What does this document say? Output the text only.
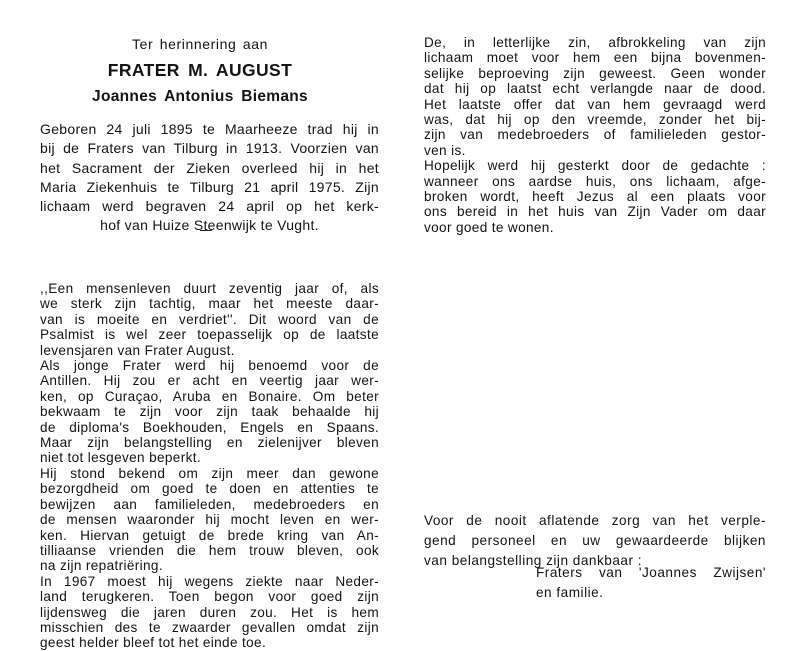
Ter herinnering aan
FRATER M. AUGUST
Joannes Antonius Biemans
Geboren 24 juli 1895 te Maarheeze trad hij in
bij de Fraters van Tilburg in 1913. Voorzien van
het Sacrament der Zieken overleed hij in het
Maria Ziekenhuis te Tilburg 21 april 1975. Zijn
lichaam werd begraven 24 april op het kerk-
hof van Huize Steenwijk te Vught.
,,Een mensenleven duurt zeventig jaar of, als
we sterk zijn tachtig, maar het meeste daar-
van is moeite en verdriet''. Dit woord van de
Psalmist is wel zeer toepasselijk op de laatste
levensjaren van Frater August.
Als jonge Frater werd hij benoemd voor de
Antillen. Hij zou er acht en veertig jaar wer-
ken, op Curaçao, Aruba en Bonaire. Om beter
bekwaam te zijn voor zijn taak behaalde hij
de diploma's Boekhouden, Engels en Spaans.
Maar zijn belangstelling en zielenijver bleven
niet tot lesgeven beperkt.
Hij stond bekend om zijn meer dan gewone
bezorgdheid om goed te doen en attenties te
bewijzen aan familieleden, medebroeders en
de mensen waaronder hij mocht leven en wer-
ken. Hiervan getuigt de brede kring van An-
tilliaanse vrienden die hem trouw bleven, ook
na zijn repatriëring.
In 1967 moest hij wegens ziekte naar Neder-
land terugkeren. Toen begon voor goed zijn
lijdensweg die jaren duren zou. Het is hem
misschien des te zwaarder gevallen omdat zijn
geest helder bleef tot het einde toe.
De, in letterlijke zin, afbrokkeling van zijn
lichaam moet voor hem een bijna bovenmen-
selijke beproeving zijn geweest. Geen wonder
dat hij op laatst echt verlangde naar de dood.
Het laatste offer dat van hem gevraagd werd
was, dat hij op den vreemde, zonder het bij-
zijn van medebroeders of familieleden gestor-
ven is.
Hopelijk werd hij gesterkt door de gedachte :
wanneer ons aardse huis, ons lichaam, afge-
broken wordt, heeft Jezus al een plaats voor
ons bereid in het huis van Zijn Vader om daar
voor goed te wonen.
Voor de nooit aflatende zorg van het verple-
gend personeel en uw gewaardeerde blijken
van belangstelling zijn dankbaar :
Fraters van 'Joannes Zwijsen'
en familie.
